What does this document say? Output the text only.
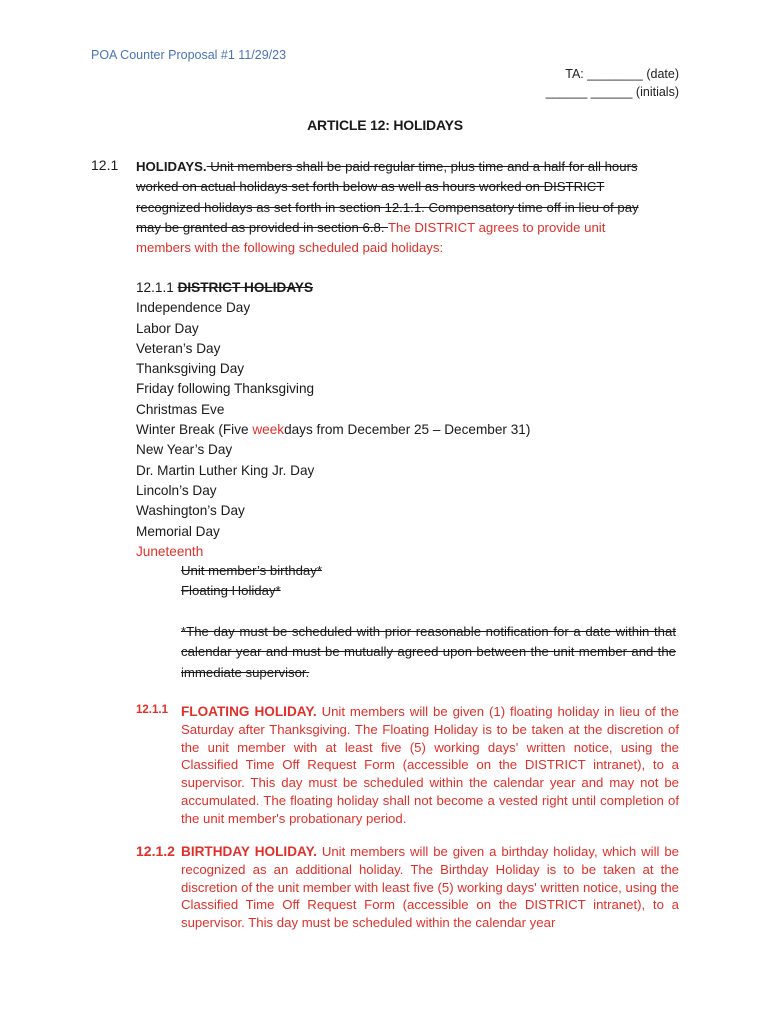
POA Counter Proposal #1 11/29/23
TA: ________ (date)
______ ______ (initials)
ARTICLE 12: HOLIDAYS
12.1 HOLIDAYS. Unit members shall be paid regular time, plus time and a half for all hours worked on actual holidays set forth below as well as hours worked on DISTRICT recognized holidays as set forth in section 12.1.1. Compensatory time off in lieu of pay may be granted as provided in section 6.8. The DISTRICT agrees to provide unit members with the following scheduled paid holidays:
12.1.1 DISTRICT HOLIDAYS
Independence Day
Labor Day
Veteran’s Day
Thanksgiving Day
Friday following Thanksgiving
Christmas Eve
Winter Break (Five weekdays from December 25 – December 31)
New Year’s Day
Dr. Martin Luther King Jr. Day
Lincoln’s Day
Washington’s Day
Memorial Day
Juneteenth
Unit member’s birthday*
Floating Holiday*
*The day must be scheduled with prior reasonable notification for a date within that calendar year and must be mutually agreed upon between the unit member and the immediate supervisor.
12.1.1 FLOATING HOLIDAY. Unit members will be given (1) floating holiday in lieu of the Saturday after Thanksgiving. The Floating Holiday is to be taken at the discretion of the unit member with at least five (5) working days' written notice, using the Classified Time Off Request Form (accessible on the DISTRICT intranet), to a supervisor. This day must be scheduled within the calendar year and may not be accumulated. The floating holiday shall not become a vested right until completion of the unit member's probationary period.
12.1.2 BIRTHDAY HOLIDAY. Unit members will be given a birthday holiday, which will be recognized as an additional holiday. The Birthday Holiday is to be taken at the discretion of the unit member with least five (5) working days' written notice, using the Classified Time Off Request Form (accessible on the DISTRICT intranet), to a supervisor. This day must be scheduled within the calendar year
